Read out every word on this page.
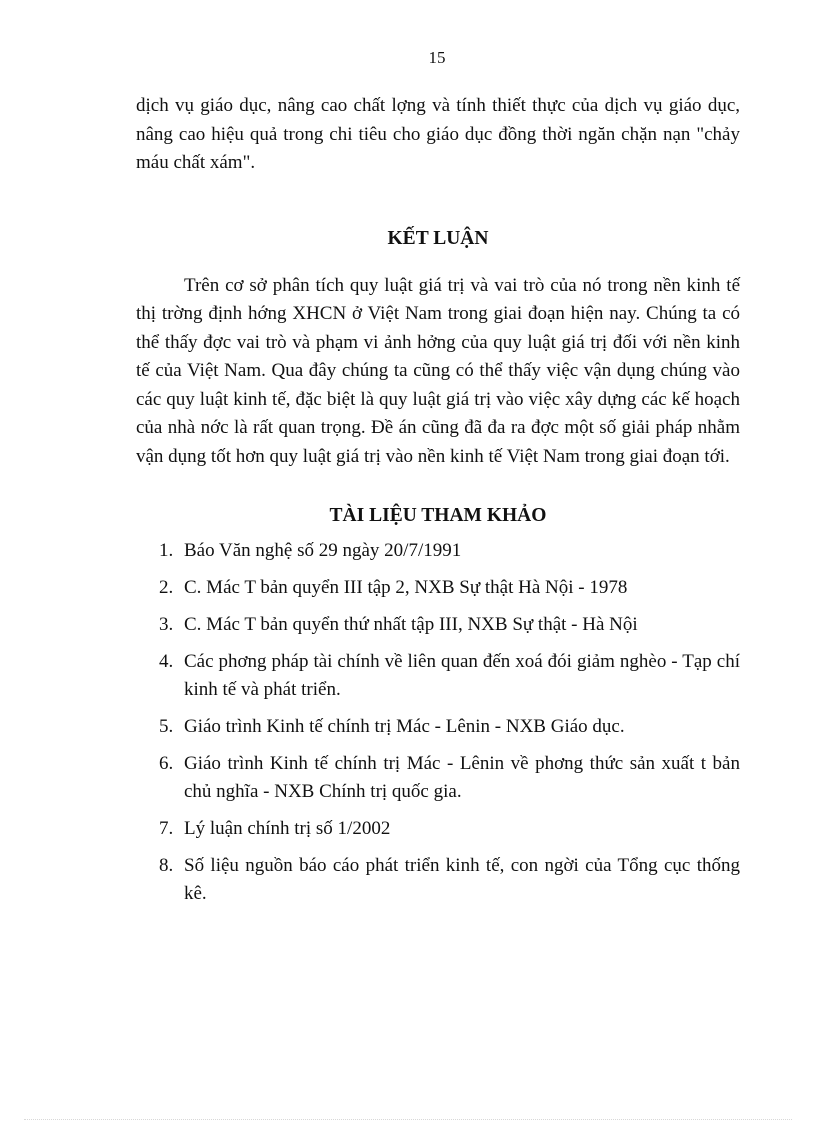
15

dịch vụ giáo dục, nâng cao chất lợng và tính thiết thực của dịch vụ giáo dục, nâng cao hiệu quả trong chi tiêu cho giáo dục đồng thời ngăn chặn nạn "chảy máu chất xám".

KẾT LUẬN

Trên cơ sở phân tích quy luật giá trị và vai trò của nó trong nền kinh tế thị trờng định hớng XHCN ở Việt Nam trong giai đoạn hiện nay. Chúng ta có thể thấy đợc vai trò và phạm vi ảnh hởng của quy luật giá trị đối với nền kinh tế của Việt Nam. Qua đây chúng ta cũng có thể thấy việc vận dụng chúng vào các quy luật kinh tế, đặc biệt là quy luật giá trị vào việc xây dựng các kế hoạch của nhà nớc là rất quan trọng. Đề án cũng đã đa ra đợc một số giải pháp nhằm vận dụng tốt hơn quy luật giá trị vào nền kinh tế Việt Nam trong giai đoạn tới.

TÀI LIỆU THAM KHẢO
1. Báo Văn nghệ số 29 ngày 20/7/1991
2. C. Mác T bản quyển III tập 2, NXB Sự thật Hà Nội - 1978
3. C. Mác T bản quyển thứ nhất tập III, NXB Sự thật - Hà Nội
4. Các phơng pháp tài chính về liên quan đến xoá đói giảm nghèo - Tạp chí kinh tế và phát triển.
5. Giáo trình Kinh tế chính trị Mác - Lênin - NXB Giáo dục.
6. Giáo trình Kinh tế chính trị Mác - Lênin về phơng thức sản xuất t bản chủ nghĩa - NXB Chính trị quốc gia.
7. Lý luận chính trị số 1/2002
8. Số liệu nguồn báo cáo phát triển kinh tế, con ngời của Tổng cục thống kê.
